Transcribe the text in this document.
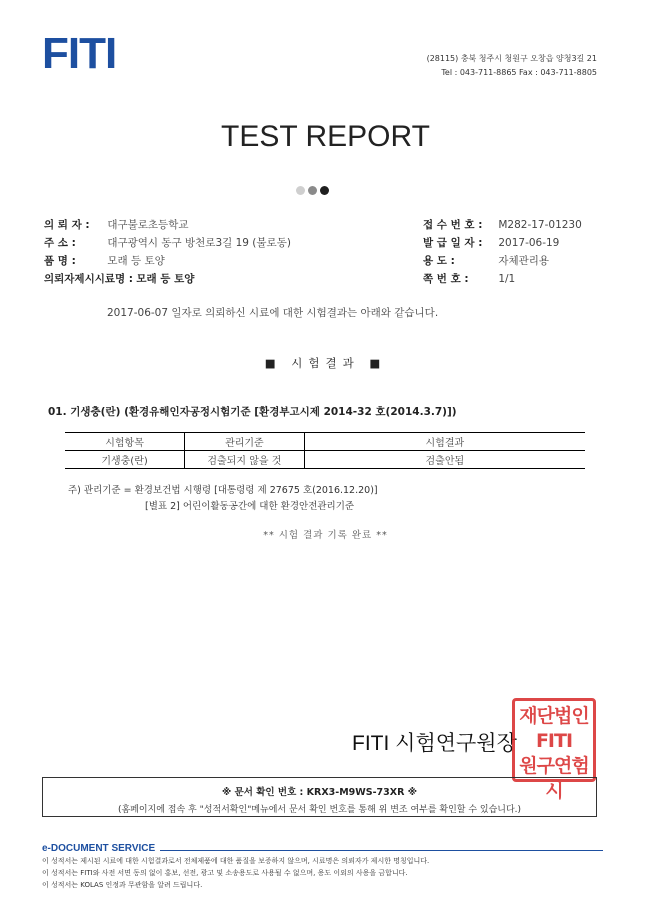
FITI	(28115) 충북 청주시 청원구 오창읍 양청3길 21
Tel : 043-711-8865 Fax : 043-711-8805
TEST REPORT
의 뢰 자 : 대구불로초등학교
주 소 :	대구광역시 동구 방천로3길 19 (불로동)
품 명 :	모래 등 토양
의뢰자제시시료명 : 모래 등 토양
접 수 번 호 : M282-17-01230
발 급 일 자 : 2017-06-19
용 도 :	자체관리용
쪽 번 호 :	1/1
2017-06-07 일자로 의뢰하신 시료에 대한 시험결과는 아래와 같습니다.
■ 시험결과 ■
01. 기생충(란) (환경유해인자공정시험기준 [환경부고시제 2014-32 호(2014.3.7)])
시험항목	관리기준	시험결과
기생충(란)	검출되지 않을 것	검출안됨
주) 관리기준 = 환경보건법 시행령 [대통령령 제 27675 호(2016.12.20)]
[별표 2] 어린이활동공간에 대한 환경안전관리기준
** 시험 결과 기록 완료 **
FITI 시험연구원장
재단법인
FITI
원구연험시
※ 문서 확인 번호 : KRX3-M9WS-73XR ※
(홈페이지에 접속 후 "성적서확인"메뉴에서 문서 확인 번호를 통해 위 변조 여부를 확인할 수 있습니다.)
e-DOCUMENT SERVICE
이 성적서는 제시된 시료에 대한 시험결과로서 전체제품에 대한 품질을 보증하지 않으며, 시료명은 의뢰자가 제시한 명칭입니다.
이 성적서는 FITI와 사전 서면 동의 없이 홍보, 선전, 광고 및 소송용도로 사용될 수 없으며, 용도 이외의 사용을 금합니다.
이 성적서는 KOLAS 인정과 무관함을 알려 드립니다.
